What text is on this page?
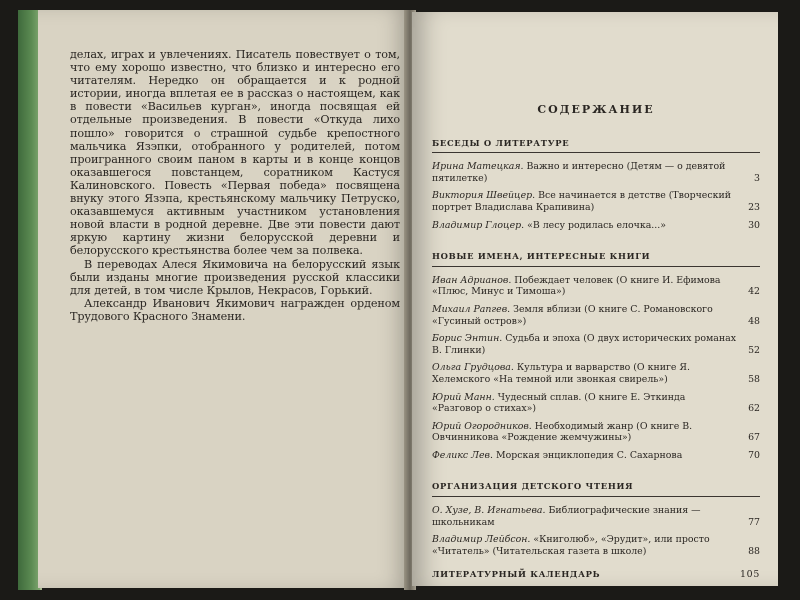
делах, играх и увлечениях. Писатель повествует о том, что ему хорошо известно, что близко и интересно его читателям. Нередко он обращается и к родной истории, иногда вплетая ее в рассказ о настоящем, как в повести «Васильев курган», иногда посвящая ей отдельные произведения. В повести «Откуда лихо пошло» говорится о страшной судьбе крепостного мальчика Язэпки, отобранного у родителей, потом проигранного своим паном в карты и в конце концов оказавшегося повстанцем, соратником Кастуся Калиновского. Повесть «Первая победа» посвящена внуку этого Язэпа, крестьянскому мальчику Петруско, оказавшемуся активным участником установления новой власти в родной деревне. Две эти повести дают яркую картину жизни белорусской деревни и белорусского крестьянства более чем за полвека.

В переводах Алеся Якимовича на белорусский язык были изданы многие произведения русской классики для детей, в том числе Крылов, Некрасов, Горький.

Александр Иванович Якимович награжден орденом Трудового Красного Знамени.

СОДЕРЖАНИЕ
БЕСЕДЫ О ЛИТЕРАТУРЕ
Ирина Матецкая. Важно и интересно (Детям — о девятой пятилетке)	3
Виктория Швейцер. Все начинается в детстве (Творческий портрет Владислава Крапивина)	23
Владимир Глоцер. «В лесу родилась елочка...»	30
НОВЫЕ ИМЕНА, ИНТЕРЕСНЫЕ КНИГИ
Иван Адрианов. Побеждает человек (О книге И. Ефимова «Плюс, Минус и Тимоша»)	42
Михаил Рапгев. Земля вблизи (О книге С. Романовского «Гусиный остров»)	48
Борис Энтин. Судьба и эпоха (О двух исторических романах В. Глинки)	52
Ольга Грудцова. Культура и варварство (О книге Я. Хелемского «На темной или звонкая свирель»)	58
Юрий Манн. Чудесный сплав. (О книге Е. Эткинда «Разговор о стихах»)	62
Юрий Огородников. Необходимый жанр (О книге В. Овчинникова «Рождение жемчужины»)	67
Феликс Лев. Морская энциклопедия С. Сахарнова	70
ОРГАНИЗАЦИЯ ДЕТСКОГО ЧТЕНИЯ
О. Хузе, В. Игнатьева. Библиографические знания — школьникам	77
Владимир Лейбсон. «Книголюб», «Эрудит», или просто «Читатель» (Читательская газета в школе)	88
ЛИТЕРАТУРНЫЙ КАЛЕНДАРЬ	105
